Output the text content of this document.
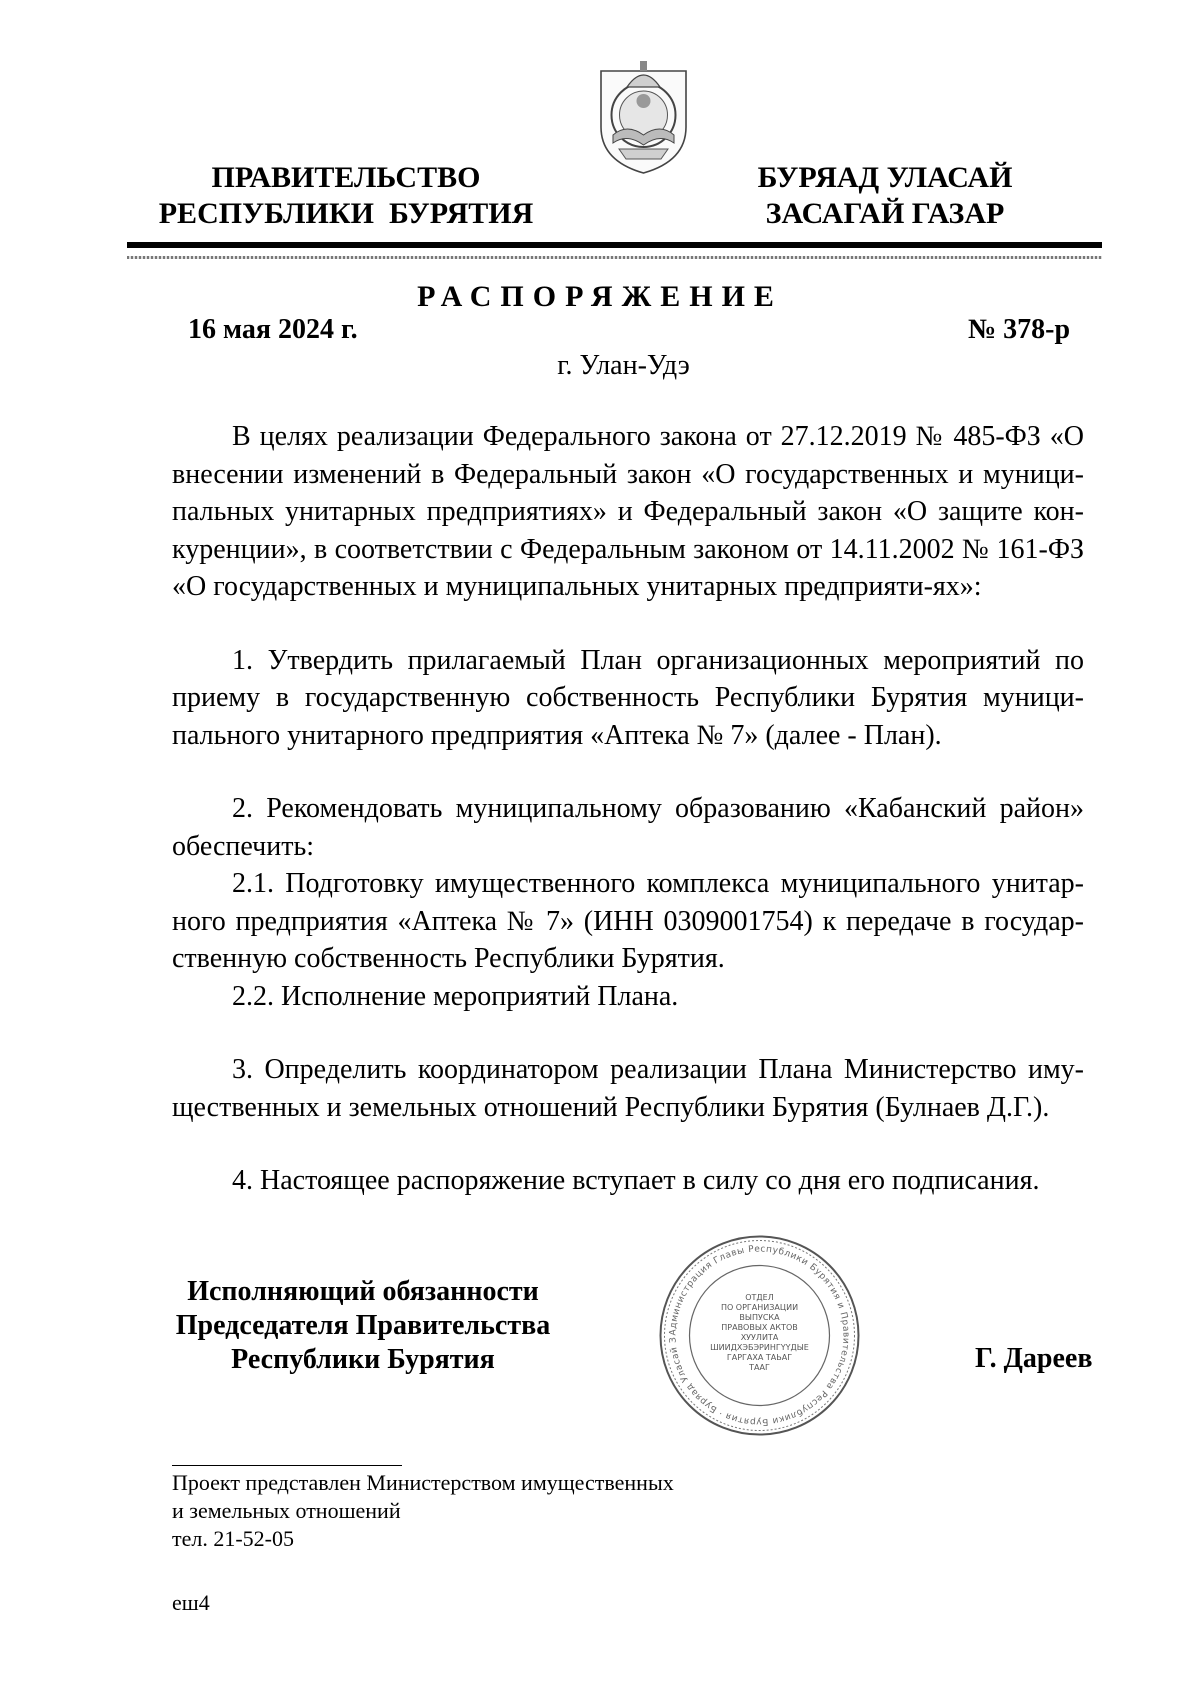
ПРАВИТЕЛЬСТВО
РЕСПУБЛИКИ  БУРЯТИЯ
БУРЯАД УЛАСАЙ
ЗАСАГАЙ ГАЗАР
РАСПОРЯЖЕНИЕ
16 мая 2024 г.	№ 378-р
г. Улан-Удэ

В целях реализации Федерального закона от 27.12.2019 № 485-ФЗ «О внесении изменений в Федеральный закон «О государственных и муници-пальных унитарных предприятиях» и Федеральный закон «О защите кон-куренции», в соответствии с Федеральным законом от 14.11.2002 № 161-ФЗ «О государственных и муниципальных унитарных предприяти-ях»:

1. Утвердить прилагаемый План организационных мероприятий по приему в государственную собственность Республики Бурятия муници-пального унитарного предприятия «Аптека № 7» (далее - План).

2. Рекомендовать муниципальному образованию «Кабанский район» обеспечить:

2.1. Подготовку имущественного комплекса муниципального унитар-ного предприятия «Аптека № 7» (ИНН 0309001754) к передаче в государ-ственную собственность Республики Бурятия.

2.2. Исполнение мероприятий Плана.

3. Определить координатором реализации Плана Министерство иму-щественных и земельных отношений Республики Бурятия (Булнаев Д.Г.).

4. Настоящее распоряжение вступает в силу со дня его подписания.

Исполняющий обязанности
Председателя Правительства
Республики Бурятия
Администрация Главы Республики Бурятия и Правительства Республики Бурятия · Буряад Уласай З
ОТДЕЛ
ПО ОРГАНИЗАЦИИ
ВЫПУСКА
ПРАВОВЫХ АКТОВ
ХУУЛИТА
ШИИДХЭБЭРИНГҮҮДЫЕ
ГАРГАХА ТАЬАГ
ТААГ	Г. Дареев
Проект представлен Министерством имущественных
и земельных отношений
тел. 21-52-05
еш4
